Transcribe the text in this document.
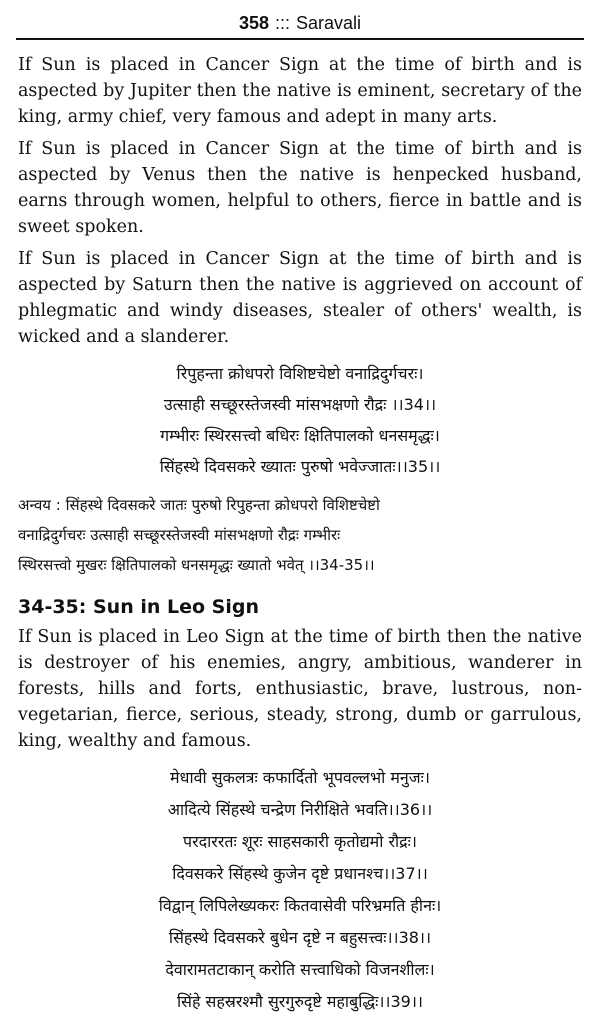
358 ::: Saravali

If Sun is placed in Cancer Sign at the time of birth and is aspected by Jupiter then the native is eminent, secretary of the king, army chief, very famous and adept in many arts.

If Sun is placed in Cancer Sign at the time of birth and is aspected by Venus then the native is henpecked husband, earns through women, helpful to others, fierce in battle and is sweet spoken.

If Sun is placed in Cancer Sign at the time of birth and is aspected by Saturn then the native is aggrieved on account of phlegmatic and windy diseases, stealer of others' wealth, is wicked and a slanderer.

रिपुहन्ता क्रोधपरो विशिष्टचेष्टो वनाद्रिदुर्गचरः।
उत्साही सच्छूरस्तेजस्वी मांसभक्षणो रौद्रः ।।34।।
गम्भीरः स्थिरसत्त्वो बधिरः क्षितिपालको धनसमृद्धः।
सिंहस्थे दिवसकरे ख्यातः पुरुषो भवेज्जातः।।35।।
अन्वय : सिंहस्थे दिवसकरे जातः पुरुषो रिपुहन्ता क्रोधपरो विशिष्टचेष्टो
वनाद्रिदुर्गचरः उत्साही सच्छूरस्तेजस्वी मांसभक्षणो रौद्रः गम्भीरः
स्थिरसत्त्वो मुखरः क्षितिपालको धनसमृद्धः ख्यातो भवेत् ।।34-35।।
34-35: Sun in Leo Sign

If Sun is placed in Leo Sign at the time of birth then the native is destroyer of his enemies, angry, ambitious, wanderer in forests, hills and forts, enthusiastic, brave, lustrous, non-vegetarian, fierce, serious, steady, strong, dumb or garrulous, king, wealthy and famous.

मेधावी सुकलत्रः कफार्दितो भूपवल्लभो मनुजः।
आदित्ये सिंहस्थे चन्द्रेण निरीक्षिते भवति।।36।।
परदाररतः शूरः साहसकारी कृतोद्यमो रौद्रः।
दिवसकरे सिंहस्थे कुजेन दृष्टे प्रधानश्च।।37।।
विद्वान् लिपिलेख्यकरः कितवासेवी परिभ्रमति हीनः।
सिंहस्थे दिवसकरे बुधेन दृष्टे न बहुसत्त्वः।।38।।
देवारामतटाकान् करोति सत्त्वाधिको विजनशीलः।
सिंहे सहस्ररश्मौ सुरगुरुदृष्टे महाबुद्धिः।।39।।
